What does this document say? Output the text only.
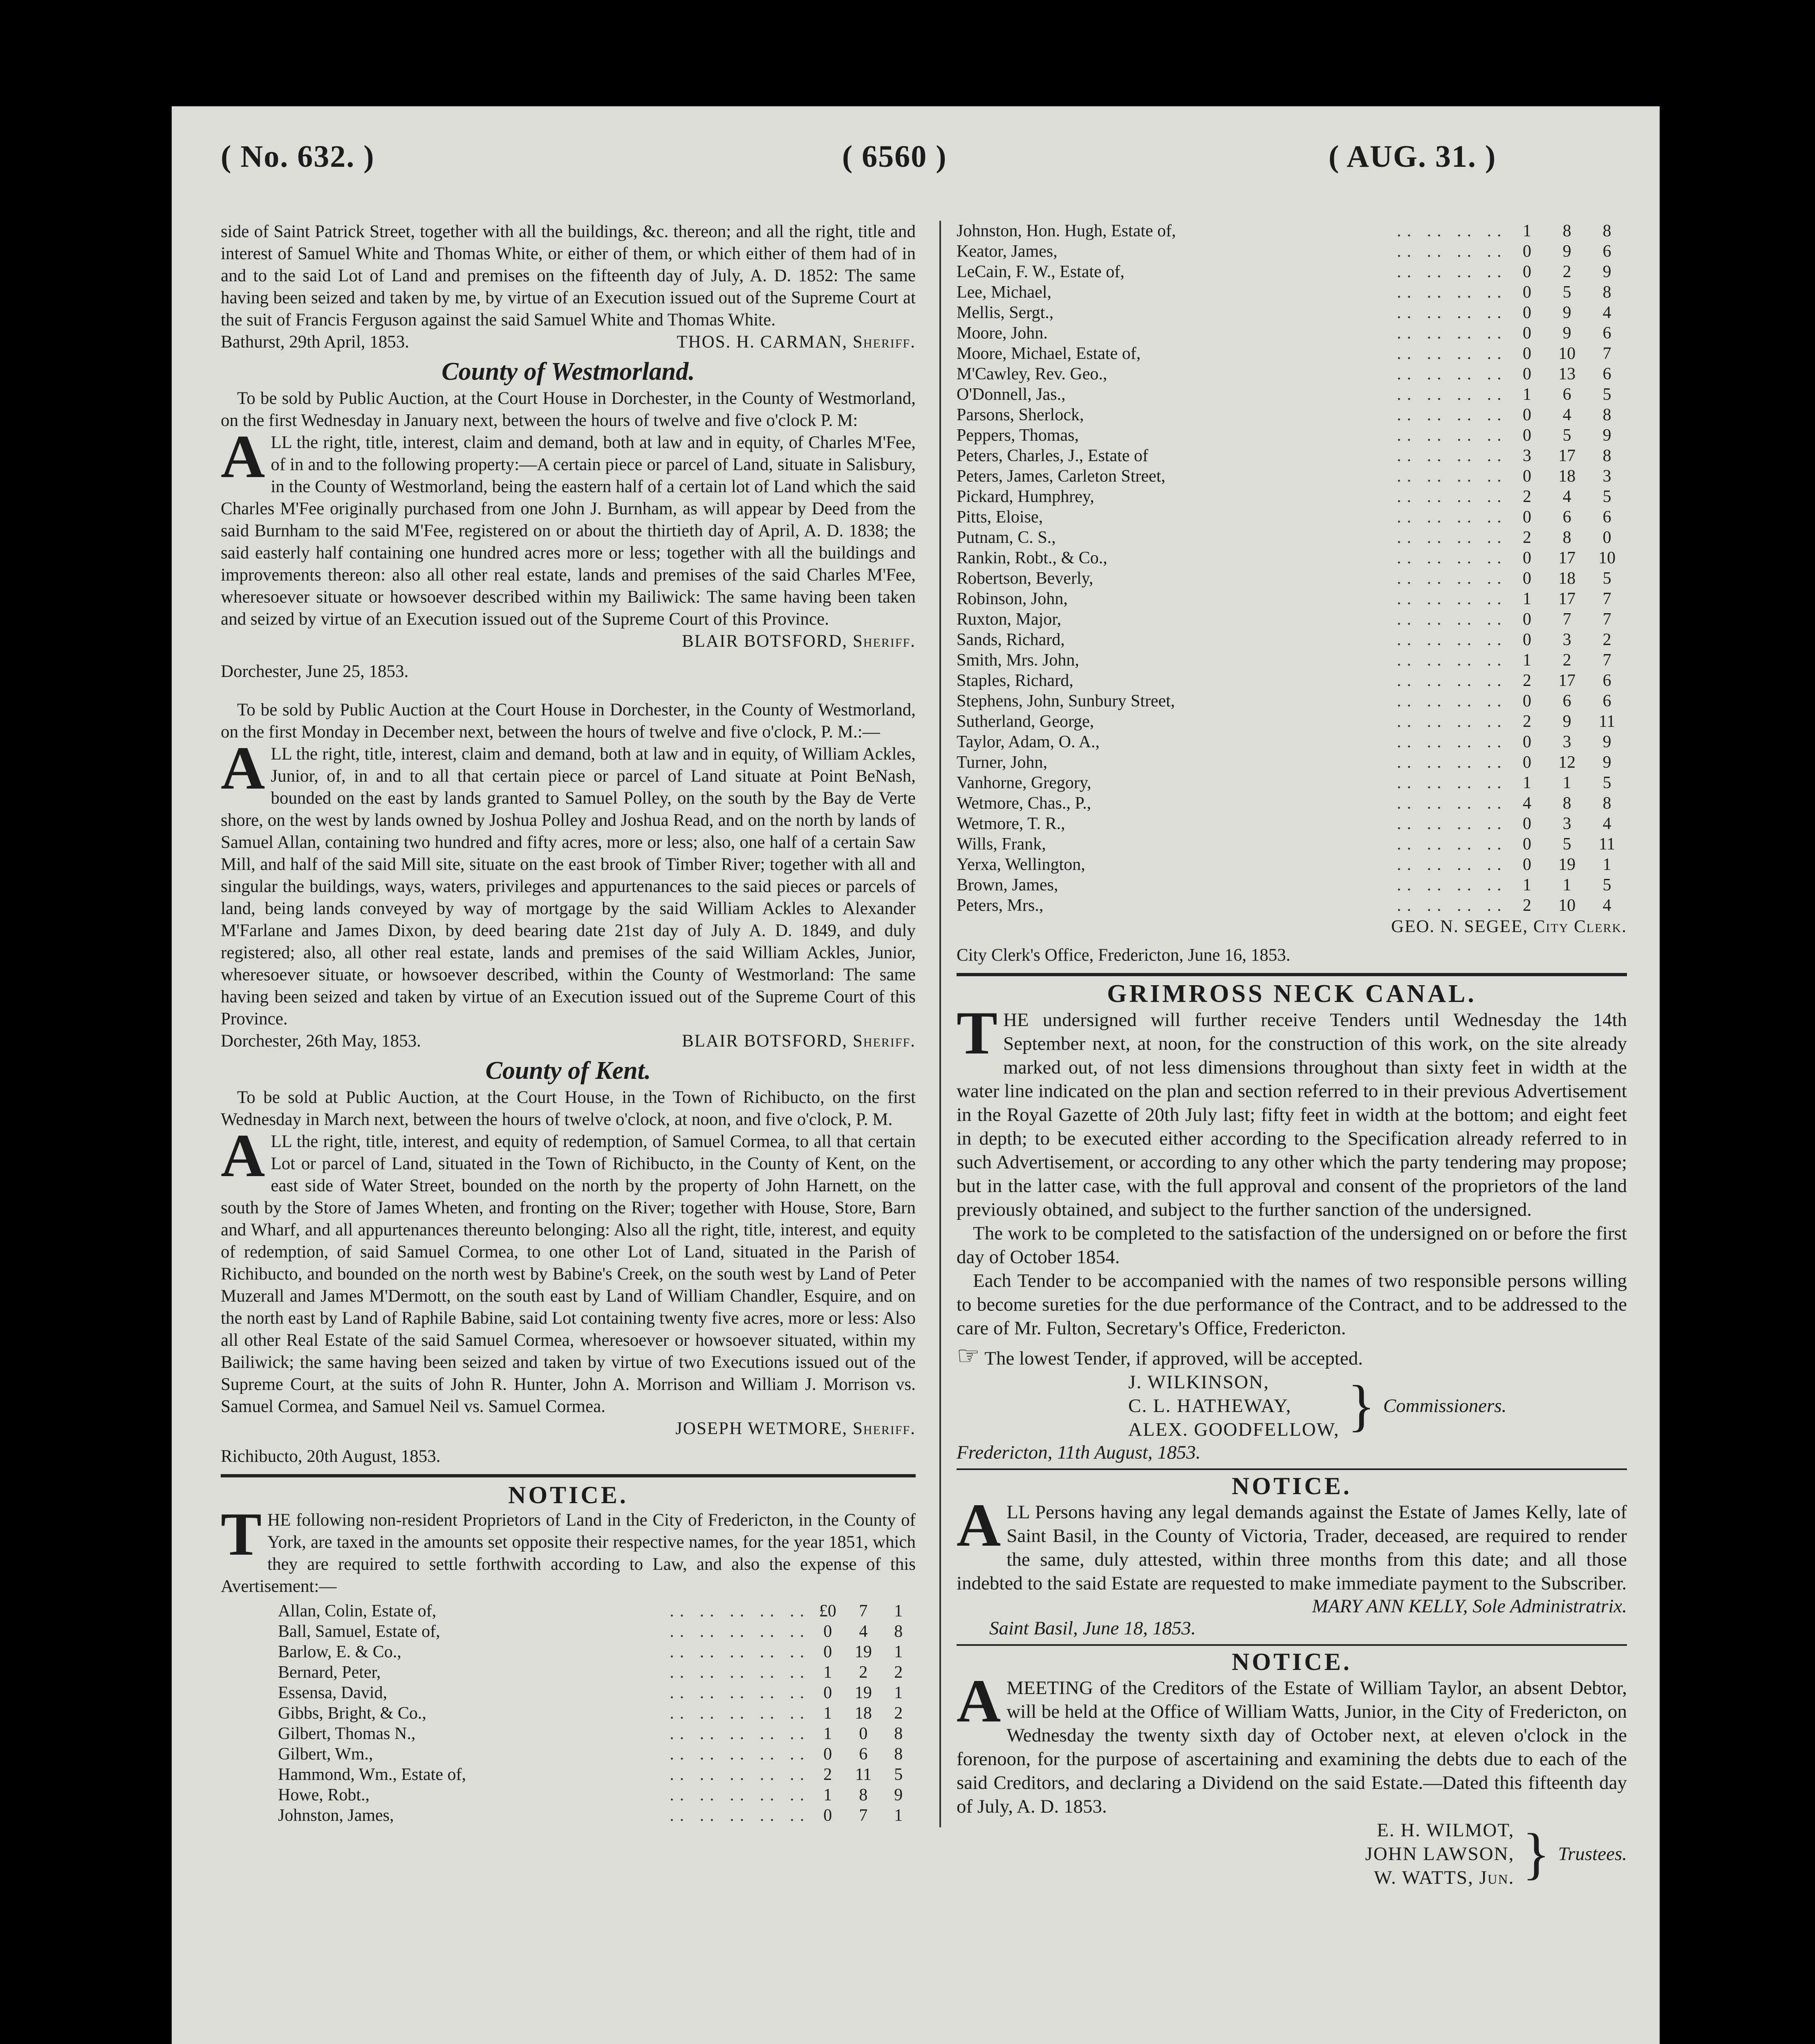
( No. 632. )	( 6560 )	( AUG. 31. )

side of Saint Patrick Street, together with all the buildings, &c. thereon; and all the right, title and interest of Samuel White and Thomas White, or either of them, or which either of them had of in and to the said Lot of Land and premises on the fifteenth day of July, A. D. 1852: The same having been seized and taken by me, by virtue of an Execution issued out of the Supreme Court at the suit of Francis Ferguson against the said Samuel White and Thomas White.

Bathurst, 29th April, 1853.	THOS. H. CARMAN, Sheriff.
County of Westmorland.

To be sold by Public Auction, at the Court House in Dorchester, in the County of Westmorland, on the first Wednesday in January next, between the hours of twelve and five o'clock P. M:

ALL the right, title, interest, claim and demand, both at law and in equity, of Charles M'Fee, of in and to the following property:—A certain piece or parcel of Land, situate in Salisbury, in the County of Westmorland, being the eastern half of a certain lot of Land which the said Charles M'Fee originally purchased from one John J. Burnham, as will appear by Deed from the said Burnham to the said M'Fee, registered on or about the thirtieth day of April, A. D. 1838; the said easterly half containing one hundred acres more or less; together with all the buildings and improvements thereon: also all other real estate, lands and premises of the said Charles M'Fee, wheresoever situate or howsoever described within my Bailiwick: The same having been taken and seized by virtue of an Execution issued out of the Supreme Court of this Province.

BLAIR BOTSFORD, Sheriff.

Dorchester, June 25, 1853.

To be sold by Public Auction at the Court House in Dorchester, in the County of Westmorland, on the first Monday in December next, between the hours of twelve and five o'clock, P. M.:—

ALL the right, title, interest, claim and demand, both at law and in equity, of William Ackles, Junior, of, in and to all that certain piece or parcel of Land situate at Point BeNash, bounded on the east by lands granted to Samuel Polley, on the south by the Bay de Verte shore, on the west by lands owned by Joshua Polley and Joshua Read, and on the north by lands of Samuel Allan, containing two hundred and fifty acres, more or less; also, one half of a certain Saw Mill, and half of the said Mill site, situate on the east brook of Timber River; together with all and singular the buildings, ways, waters, privileges and appurtenances to the said pieces or parcels of land, being lands conveyed by way of mortgage by the said William Ackles to Alexander M'Farlane and James Dixon, by deed bearing date 21st day of July A. D. 1849, and duly registered; also, all other real estate, lands and premises of the said William Ackles, Junior, wheresoever situate, or howsoever described, within the County of Westmorland: The same having been seized and taken by virtue of an Execution issued out of the Supreme Court of this Province.

Dorchester, 26th May, 1853.	BLAIR BOTSFORD, Sheriff.
County of Kent.

To be sold at Public Auction, at the Court House, in the Town of Richibucto, on the first Wednesday in March next, between the hours of twelve o'clock, at noon, and five o'clock, P. M.

ALL the right, title, interest, and equity of redemption, of Samuel Cormea, to all that certain Lot or parcel of Land, situated in the Town of Richibucto, in the County of Kent, on the east side of Water Street, bounded on the north by the property of John Harnett, on the south by the Store of James Wheten, and fronting on the River; together with House, Store, Barn and Wharf, and all appurtenances thereunto belonging: Also all the right, title, interest, and equity of redemption, of said Samuel Cormea, to one other Lot of Land, situated in the Parish of Richibucto, and bounded on the north west by Babine's Creek, on the south west by Land of Peter Muzerall and James M'Dermott, on the south east by Land of William Chandler, Esquire, and on the north east by Land of Raphile Babine, said Lot containing twenty five acres, more or less: Also all other Real Estate of the said Samuel Cormea, wheresoever or howsoever situated, within my Bailiwick; the same having been seized and taken by virtue of two Executions issued out of the Supreme Court, at the suits of John R. Hunter, John A. Morrison and William J. Morrison vs. Samuel Cormea, and Samuel Neil vs. Samuel Cormea.

JOSEPH WETMORE, Sheriff.

Richibucto, 20th August, 1853.

NOTICE.

THE following non-resident Proprietors of Land in the City of Fredericton, in the County of York, are taxed in the amounts set opposite their respective names, for the year 1851, which they are required to settle forthwith according to Law, and also the expense of this Avertisement:—

Allan, Colin, Estate of,	.. .. .. .. ..	£0	7	1
Ball, Samuel, Estate of,	.. .. .. .. ..	0	4	8
Barlow, E. & Co.,	.. .. .. .. ..	0	19	1
Bernard, Peter,	.. .. .. .. ..	1	2	2
Essensa, David,	.. .. .. .. ..	0	19	1
Gibbs, Bright, & Co.,	.. .. .. .. ..	1	18	2
Gilbert, Thomas N.,	.. .. .. .. ..	1	0	8
Gilbert, Wm.,	.. .. .. .. ..	0	6	8
Hammond, Wm., Estate of,	.. .. .. .. ..	2	11	5
Howe, Robt.,	.. .. .. .. ..	1	8	9
Johnston, James,	.. .. .. .. ..	0	7	1
Johnston, Hon. Hugh, Estate of,	.. .. .. ..	1	8	8
Keator, James,	.. .. .. ..	0	9	6
LeCain, F. W., Estate of,	.. .. .. ..	0	2	9
Lee, Michael,	.. .. .. ..	0	5	8
Mellis, Sergt.,	.. .. .. ..	0	9	4
Moore, John.	.. .. .. ..	0	9	6
Moore, Michael, Estate of,	.. .. .. ..	0	10	7
M'Cawley, Rev. Geo.,	.. .. .. ..	0	13	6
O'Donnell, Jas.,	.. .. .. ..	1	6	5
Parsons, Sherlock,	.. .. .. ..	0	4	8
Peppers, Thomas,	.. .. .. ..	0	5	9
Peters, Charles, J., Estate of	.. .. .. ..	3	17	8
Peters, James, Carleton Street,	.. .. .. ..	0	18	3
Pickard, Humphrey,	.. .. .. ..	2	4	5
Pitts, Eloise,	.. .. .. ..	0	6	6
Putnam, C. S.,	.. .. .. ..	2	8	0
Rankin, Robt., & Co.,	.. .. .. ..	0	17	10
Robertson, Beverly,	.. .. .. ..	0	18	5
Robinson, John,	.. .. .. ..	1	17	7
Ruxton, Major,	.. .. .. ..	0	7	7
Sands, Richard,	.. .. .. ..	0	3	2
Smith, Mrs. John,	.. .. .. ..	1	2	7
Staples, Richard,	.. .. .. ..	2	17	6
Stephens, John, Sunbury Street,	.. .. .. ..	0	6	6
Sutherland, George,	.. .. .. ..	2	9	11
Taylor, Adam, O. A.,	.. .. .. ..	0	3	9
Turner, John,	.. .. .. ..	0	12	9
Vanhorne, Gregory,	.. .. .. ..	1	1	5
Wetmore, Chas., P.,	.. .. .. ..	4	8	8
Wetmore, T. R.,	.. .. .. ..	0	3	4
Wills, Frank,	.. .. .. ..	0	5	11
Yerxa, Wellington,	.. .. .. ..	0	19	1
Brown, James,	.. .. .. ..	1	1	5
Peters, Mrs.,	.. .. .. ..	2	10	4

GEO. N. SEGEE, City Clerk.

City Clerk's Office, Fredericton, June 16, 1853.

GRIMROSS NECK CANAL.

THE undersigned will further receive Tenders until Wednesday the 14th September next, at noon, for the construction of this work, on the site already marked out, of not less dimensions throughout than sixty feet in width at the water line indicated on the plan and section referred to in their previous Advertisement in the Royal Gazette of 20th July last; fifty feet in width at the bottom; and eight feet in depth; to be executed either according to the Specification already referred to in such Advertisement, or according to any other which the party tendering may propose; but in the latter case, with the full approval and consent of the proprietors of the land previously obtained, and subject to the further sanction of the undersigned.

The work to be completed to the satisfaction of the undersigned on or before the first day of October 1854.

Each Tender to be accompanied with the names of two responsible persons willing to become sureties for the due performance of the Contract, and to be addressed to the care of Mr. Fulton, Secretary's Office, Fredericton.

☞ The lowest Tender, if approved, will be accepted.

J. WILKINSON,
C. L. HATHEWAY,
ALEX. GOODFELLOW, } Commissioners.

Fredericton, 11th August, 1853.

NOTICE.

ALL Persons having any legal demands against the Estate of James Kelly, late of Saint Basil, in the County of Victoria, Trader, deceased, are required to render the same, duly attested, within three months from this date; and all those indebted to the said Estate are requested to make immediate payment to the Subscriber.

MARY ANN KELLY, Sole Administratrix.

Saint Basil, June 18, 1853.

NOTICE.

AMEETING of the Creditors of the Estate of William Taylor, an absent Debtor, will be held at the Office of William Watts, Junior, in the City of Fredericton, on Wednesday the twenty sixth day of October next, at eleven o'clock in the forenoon, for the purpose of ascertaining and examining the debts due to each of the said Creditors, and declaring a Dividend on the said Estate.—Dated this fifteenth day of July, A. D. 1853.

E. H. WILMOT,
JOHN LAWSON,
W. WATTS, Jun. } Trustees.
